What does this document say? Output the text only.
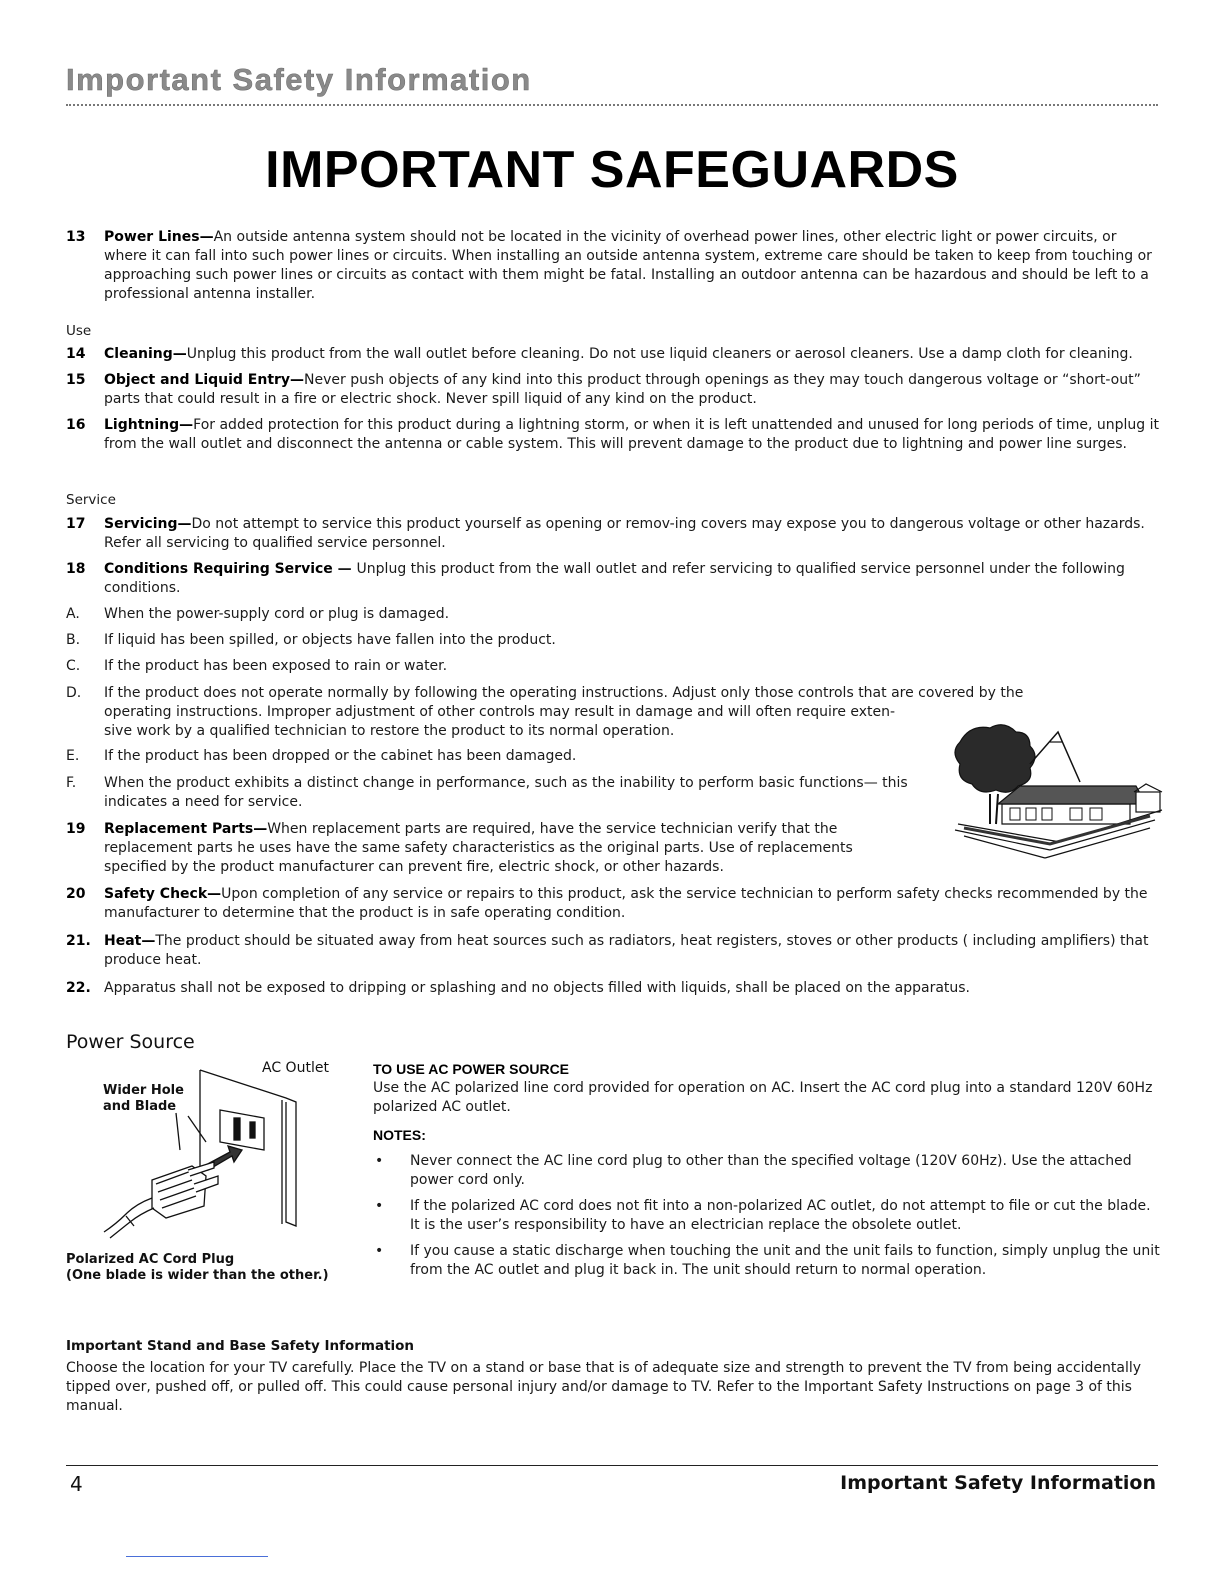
Important Safety Information
IMPORTANT SAFEGUARDS
13 Power Lines—An outside antenna system should not be located in the vicinity of overhead power lines, other electric light or power circuits, or where it can fall into such power lines or circuits. When installing an outside antenna system, extreme care should be taken to keep from touching or approaching such power lines or circuits as contact with them might be fatal. Installing an outdoor antenna can be hazardous and should be left to a professional antenna installer.
Use
14 Cleaning—Unplug this product from the wall outlet before cleaning. Do not use liquid cleaners or aerosol cleaners. Use a damp cloth for cleaning.
15 Object and Liquid Entry—Never push objects of any kind into this product through openings as they may touch dangerous voltage or “short-out” parts that could result in a fire or electric shock. Never spill liquid of any kind on the product.
16 Lightning—For added protection for this product during a lightning storm, or when it is left unattended and unused for long periods of time, unplug it from the wall outlet and disconnect the antenna or cable system. This will prevent damage to the product due to lightning and power line surges.
Service
17 Servicing—Do not attempt to service this product yourself as opening or remov-ing covers may expose you to dangerous voltage or other hazards. Refer all servicing to qualified service personnel.
18 Conditions Requiring Service — Unplug this product from the wall outlet and refer servicing to qualified service personnel under the following conditions.
A. When the power-supply cord or plug is damaged.
B. If liquid has been spilled, or objects have fallen into the product.
C. If the product has been exposed to rain or water.
D. If the product does not operate normally by following the operating instructions. Adjust only those controls that are covered by the
operating instructions. Improper adjustment of other controls may result in damage and will often require exten-sive work by a qualified technician to restore the product to its normal operation.
E. If the product has been dropped or the cabinet has been damaged.
F. When the product exhibits a distinct change in performance, such as the inability to perform basic functions— this indicates a need for service.
19 Replacement Parts—When replacement parts are required, have the service technician verify that the replacement parts he uses have the same safety characteristics as the original parts. Use of replacements specified by the product manufacturer can prevent fire, electric shock, or other hazards.
20 Safety Check—Upon completion of any service or repairs to this product, ask the service technician to perform safety checks recommended by the manufacturer to determine that the product is in safe operating condition.
21. Heat—The product should be situated away from heat sources such as radiators, heat registers, stoves or other products ( including amplifiers) that produce heat.
22. Apparatus shall not be exposed to dripping or splashing and no objects filled with liquids, shall be placed on the apparatus.
Power Source
AC Outlet
Wider Hole
and Blade
Polarized AC Cord Plug
(One blade is wider than the other.)
TO USE AC POWER SOURCE
Use the AC polarized line cord provided for operation on AC. Insert the AC cord plug into a standard 120V 60Hz polarized AC outlet.
NOTES:
• Never connect the AC line cord plug to other than the specified voltage (120V 60Hz). Use the attached power cord only.
• If the polarized AC cord does not fit into a non-polarized AC outlet, do not attempt to file or cut the blade. It is the user’s responsibility to have an electrician replace the obsolete outlet.
• If you cause a static discharge when touching the unit and the unit fails to function, simply unplug the unit from the AC outlet and plug it back in. The unit should return to normal operation.
Important Stand and Base Safety Information
Choose the location for your TV carefully. Place the TV on a stand or base that is of adequate size and strength to prevent the TV from being accidentally tipped over, pushed off, or pulled off. This could cause personal injury and/or damage to TV. Refer to the Important Safety Instructions on page 3 of this manual.
4	Important Safety Information
